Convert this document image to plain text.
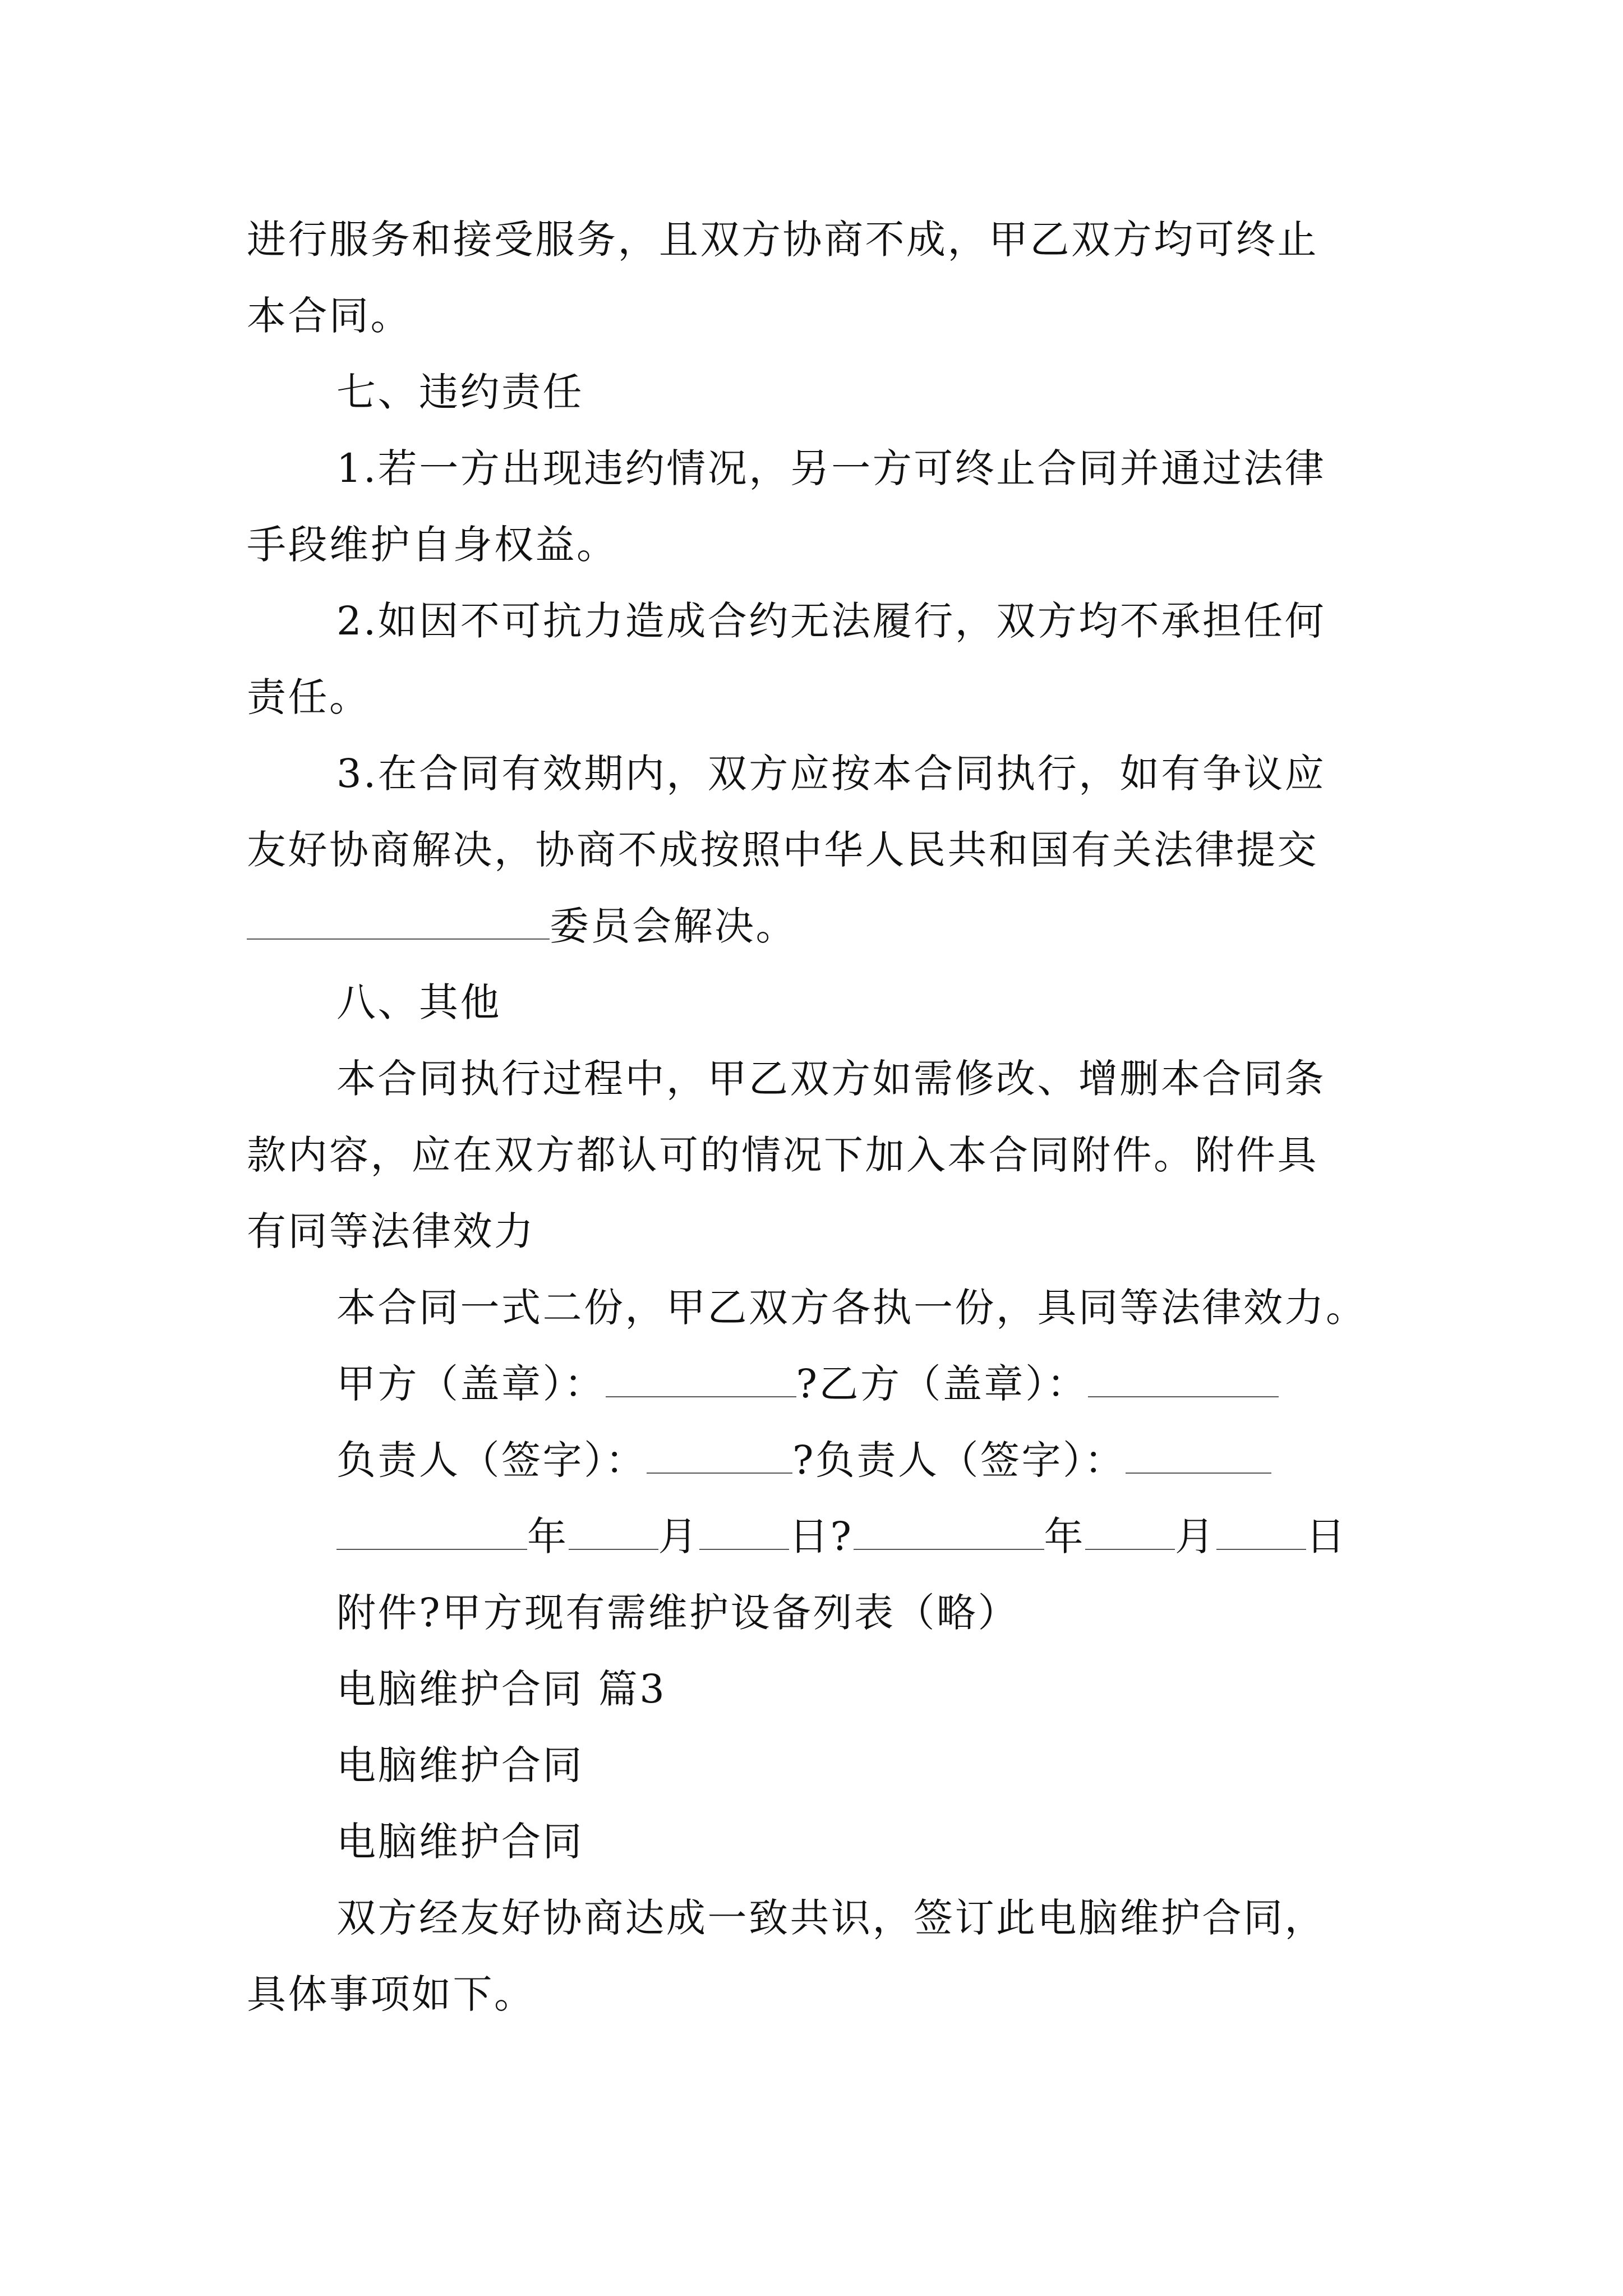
进行服务和接受服务，且双方协商不成，甲乙双方均可终止
本合同。
七、违约责任
1.若一方出现违约情况，另一方可终止合同并通过法律
手段维护自身权益。
2.如因不可抗力造成合约无法履行，双方均不承担任何
责任。
3.在合同有效期内，双方应按本合同执行，如有争议应
友好协商解决，协商不成按照中华人民共和国有关法律提交
委员会解决。
八、其他
本合同执行过程中，甲乙双方如需修改、增删本合同条
款内容，应在双方都认可的情况下加入本合同附件。附件具
有同等法律效力
本合同一式二份，甲乙双方各执一份，具同等法律效力。
甲方（盖章）：	?乙方（盖章）：
负责人（签字）：	?负责人（签字）：
年 月 日?	年 月 日
附件?甲方现有需维护设备列表（略）
电脑维护合同 篇3
电脑维护合同
电脑维护合同
双方经友好协商达成一致共识，签订此电脑维护合同，
具体事项如下。
